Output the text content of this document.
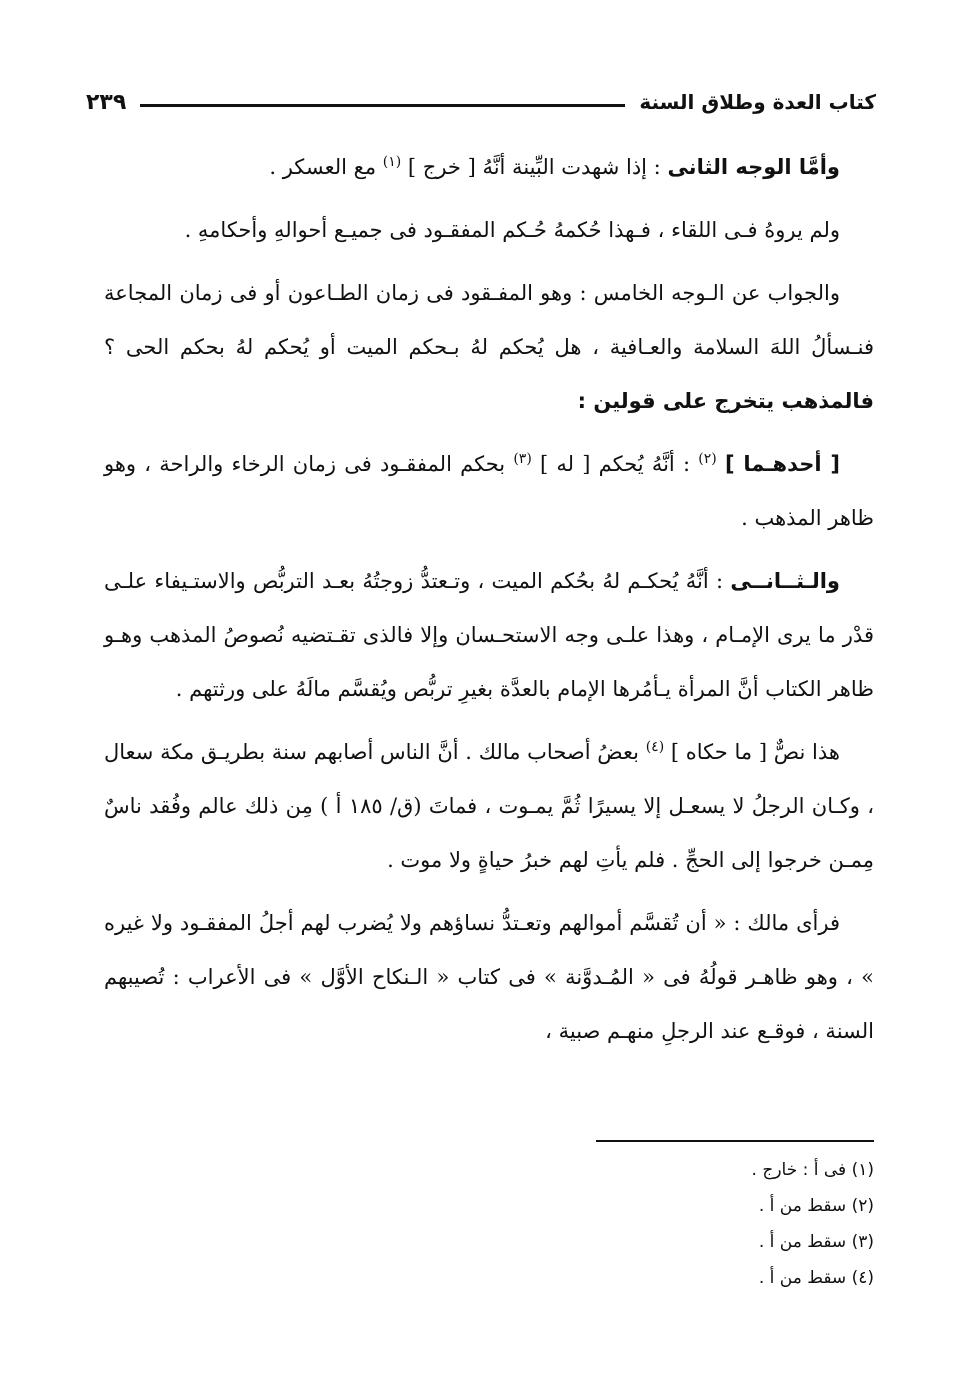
كتاب العدة وطلاق السنة
٢٣٩

وأمَّا الوجه الثانى : إذا شهدت البِّينة أنَّهُ [ خرج ] $^{(١)}$ مع العسكر .

ولم يروهُ فـى اللقاء ، فـهذا حُكمهُ حُـكم المفقـود فى جميـع أحوالهِ وأحكامهِ .

والجواب عن الـوجه الخامس : وهو المفـقود فى زمان الطـاعون أو فى زمان المجاعة فنـسألُ اللهَ السلامة والعـافية ، هل يُحكم لهُ بـحكم الميت أو يُحكم لهُ بحكم الحى ؟ فالمذهب يتخرج على قولين :

[ أحدهـما ] $^{(٢)}$ : أنَّهُ يُحكم [ له ] $^{(٣)}$ بحكم المفقـود فى زمان الرخاء والراحة ، وهو ظاهر المذهب .

والـثــانــى : أنَّهُ يُحكـم لهُ بحُكم الميت ، وتـعتدُّ زوجتُهُ بعـد التربُّص والاستـيفاء علـى قدْر ما يرى الإمـام ، وهذا علـى وجه الاستحـسان وإلا فالذى تقـتضيه نُصوصُ المذهب وهـو ظاهر الكتاب أنَّ المرأة يـأمُرها الإمام بالعدَّة بغيرِ تربُّص ويُقسَّم مالَهُ على ورثتهم .

هذا نصٌّ [ ما حكاه ] $^{(٤)}$ بعضُ أصحاب مالك . أنَّ الناس أصابهم سنة بطريـق مكة سعال ، وكـان الرجلُ لا يسعـل إلا يسيرًا ثُمَّ يمـوت ، فماتَ (ق/ ١٨٥ أ ) مِن ذلك عالم وفُقد ناسٌ مِمـن خرجوا إلى الحجِّ . فلم يأتِ لهم خبرُ حياةٍ ولا موت .

فرأى مالك : « أن تُقسَّم أموالهم وتعـتدُّ نساؤهم ولا يُضرب لهم أجلُ المفقـود ولا غيره » ، وهو ظاهـر قولُهُ فى « المُـدوَّنة » فى كتاب « الـنكاح الأوَّل » فى الأعراب : تُصيبهم السنة ، فوقـع عند الرجلِ منهـم صبية ،

(١) فى أ : خارج .

(٢) سقط من أ .

(٣) سقط من أ .

(٤) سقط من أ .
